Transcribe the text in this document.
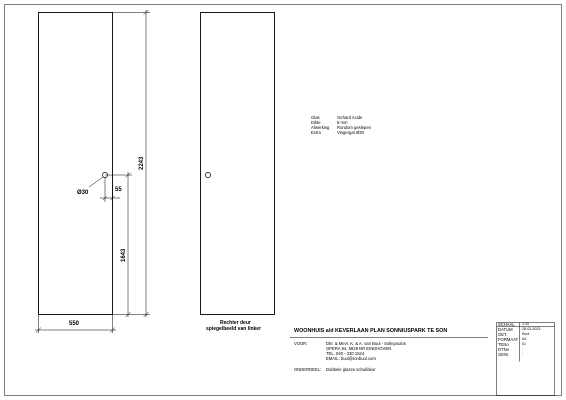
2243
1643
55
Ø30
550	Rechter deur
spiegelbeeld van linker
Glas	Gehard Acide
Dikte	8 mm
Afwerking Rondom geslepen
Extra	Vingergat Ø30
WOONHUIS a/d KEVERLAAN PLAN SONNIUSPARK TE SON
VOOR:	Dhr. & Mevr. K. & A. van Buul - Solinpoulos
OPERA 94, 5629 NR EINDHOVEN
TEL. 040 - 230 1524
EMAIL: buul@tonbuul.com
ONDERDEEL: Dubbele glazen schuifdeur
SCHAAL 1:10
DATUM	28-03-2023
GET.	Kuut
FORMAAT A3
TENo	01
DTNo	:
GEW.	:
